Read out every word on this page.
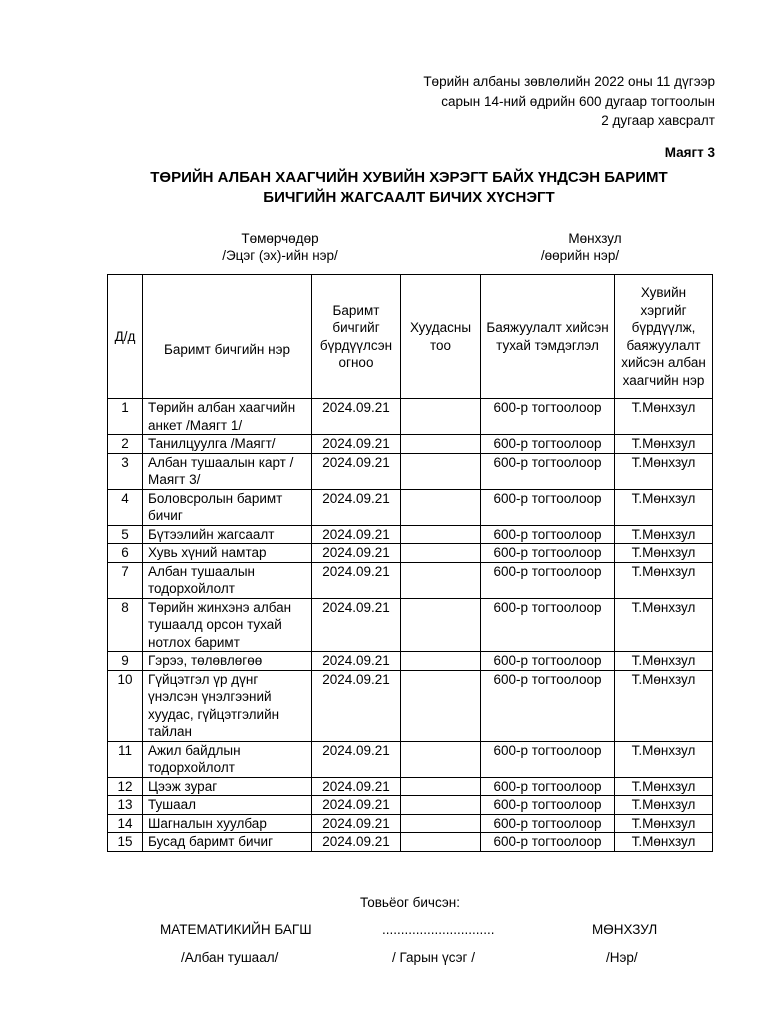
Төрийн албаны зөвлөлийн 2022 оны 11 дүгээр
сарын 14-ний өдрийн 600 дугаар тогтоолын
2 дугаар хавсралт
Маягт 3
ТӨРИЙН АЛБАН ХААГЧИЙН ХУВИЙН ХЭРЭГТ БАЙХ ҮНДСЭН БАРИМТ
БИЧГИЙН ЖАГСААЛТ БИЧИХ ХҮСНЭГТ
Төмөрчөдөр
/Эцэг (эх)-ийн нэр/
Мөнхзул
/өөрийн нэр/
Д/д	Баримт бичгийн нэр	Баримт бичгийг бүрдүүлсэн огноо	Хуудасны тоо	Баяжуулалт хийсэн тухай тэмдэглэл	Хувийн хэргийг бүрдүүлж, баяжуулалт хийсэн албан хаагчийн нэр
1	Төрийн албан хаагчийн анкет /Маягт 1/	2024.09.21		600-р тогтоолоор	Т.Мөнхзул
2	Танилцуулга /Маягт/	2024.09.21		600-р тогтоолоор	Т.Мөнхзул
3	Албан тушаалын карт /Маягт 3/	2024.09.21		600-р тогтоолоор	Т.Мөнхзул
4	Боловсролын баримт бичиг	2024.09.21		600-р тогтоолоор	Т.Мөнхзул
5	Бүтээлийн жагсаалт	2024.09.21		600-р тогтоолоор	Т.Мөнхзул
6	Хувь хүний намтар	2024.09.21		600-р тогтоолоор	Т.Мөнхзул
7	Албан тушаалын тодорхойлолт	2024.09.21		600-р тогтоолоор	Т.Мөнхзул
8	Төрийн жинхэнэ албан тушаалд орсон тухай нотлох баримт	2024.09.21		600-р тогтоолоор	Т.Мөнхзул
9	Гэрээ, төлөвлөгөө	2024.09.21		600-р тогтоолоор	Т.Мөнхзул
10	Гүйцэтгэл үр дүнг үнэлсэн үнэлгээний хуудас, гүйцэтгэлийн тайлан	2024.09.21		600-р тогтоолоор	Т.Мөнхзул
11	Ажил байдлын тодорхойлолт	2024.09.21		600-р тогтоолоор	Т.Мөнхзул
12	Цээж зураг	2024.09.21		600-р тогтоолоор	Т.Мөнхзул
13	Тушаал	2024.09.21		600-р тогтоолоор	Т.Мөнхзул
14	Шагналын хуулбар	2024.09.21		600-р тогтоолоор	Т.Мөнхзул
15	Бусад баримт бичиг	2024.09.21		600-р тогтоолоор	Т.Мөнхзул
Товьёог бичсэн:
МАТЕМАТИКИЙН БАГШ	..............................	МӨНХЗУЛ
/Албан тушаал/	/ Гарын үсэг /	/Нэр/
